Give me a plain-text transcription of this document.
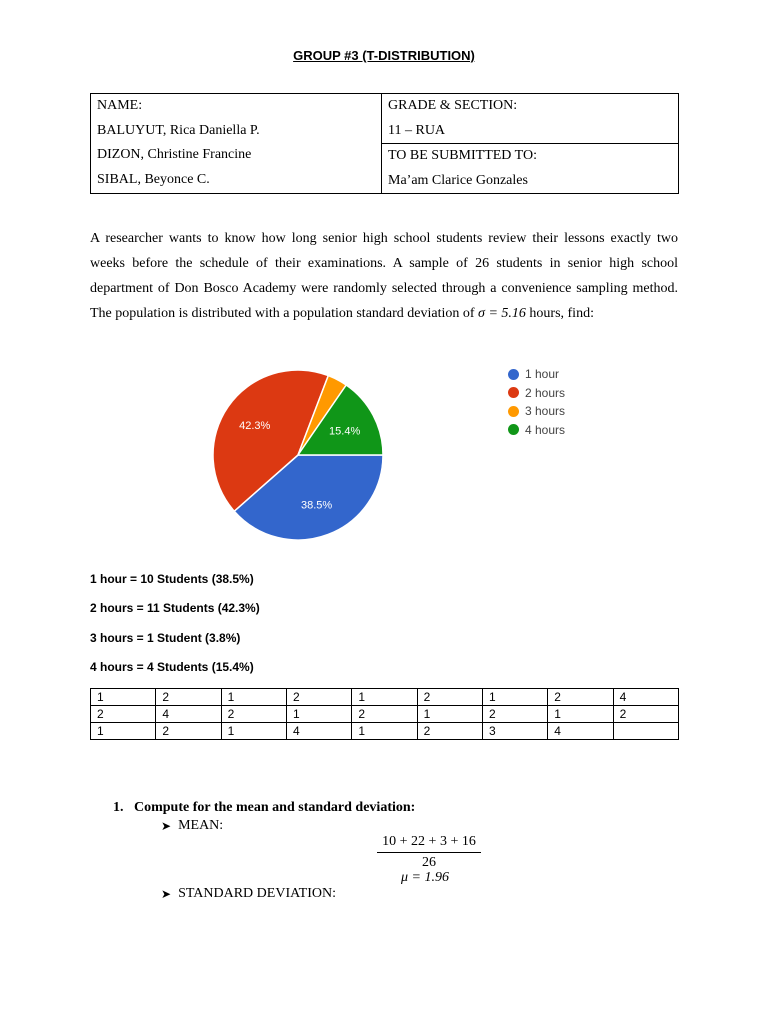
GROUP #3 (T-DISTRIBUTION)
NAME:
BALUYUT, Rica Daniella P.
DIZON, Christine Francine
SIBAL, Beyonce C.

GRADE & SECTION:
11 – RUA

TO BE SUBMITTED TO:
Ma’am Clarice Gonzales
A researcher wants to know how long senior high school students review their lessons exactly two weeks before the schedule of their examinations. A sample of 26 students in senior high school department of Don Bosco Academy were randomly selected through a convenience sampling method. The population is distributed with a population standard deviation of σ = 5.16 hours, find:
38.5%
42.3%	15.4%
1 hour
2 hours
3 hours
4 hours
1 hour = 10 Students (38.5%)
2 hours = 11 Students (42.3%)
3 hours = 1 Student (3.8%)
4 hours = 4 Students (15.4%)
1	2	1	2	1	2	1	2	4
2	4	2	1	2	1	2	1	2
1	2	1	4	1	2	3	4	
1.   Compute for the mean and standard deviation:
➤ MEAN:
$\frac{10 + 22 + 3 + 16}{26}$
μ = 1.96
➤ STANDARD DEVIATION:
